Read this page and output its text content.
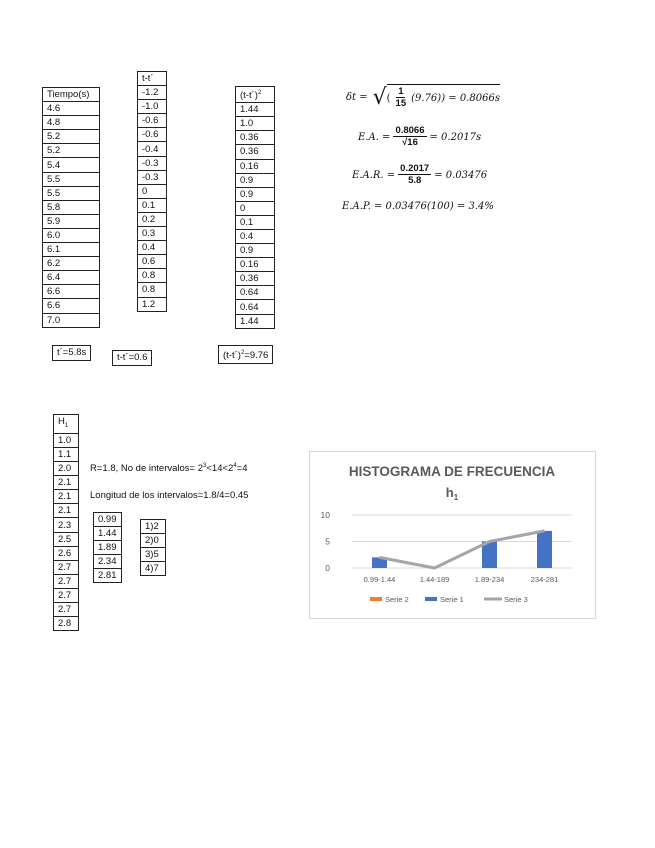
Tiempo(s)
4.6
4.8
5.2
5.2
5.4
5.5
5.5
5.8
5.9
6.0
6.1
6.2
6.4
6.6
6.6
7.0
t´=5.8s
t-t´
-1.2
-1.0
-0.6
-0.6
-0.4
-0.3
-0.3
0
0.1
0.2
0.3
0.4
0.6
0.8
0.8
1.2
t-t´=0.6
(t-t´)$^2$
1.44
1.0
0.36
0.36
0.16
0.9
0.9
0
0.1
0.4
0.9
0.16
0.36
0.64
0.64
1.44
(t-t´)$^2$=9.76
δt = √ ( $\frac{1}{15} (9.76)) = 0.8066s$
E.A. = $\frac{0.8066}{√16} = 0.2017s$
E.A.R. = $\frac{0.2017}{5.8} = 0.03476$
E.A.P. = 0.03476(100) = 3.4%
$H_1$
1.0
1.1
2.0
2.1
2.1
2.1
2.3
2.5
2.6
2.7
2.7
2.7
2.7
2.8
R=1.8, No de intervalos= $2^3<14<2^4=4$
Longitud de los intervalos=1.8/4=0.45
0.99
1.44
1.89
2.34
2.81
1)2
2)0
3)5
4)7
HISTOGRAMA DE FRECUENCIA
$h_1$
0
5
10
0.99-1.44	1.44-189	1.89-234	234-281
Serie 2	Serie 1	Serie 3
